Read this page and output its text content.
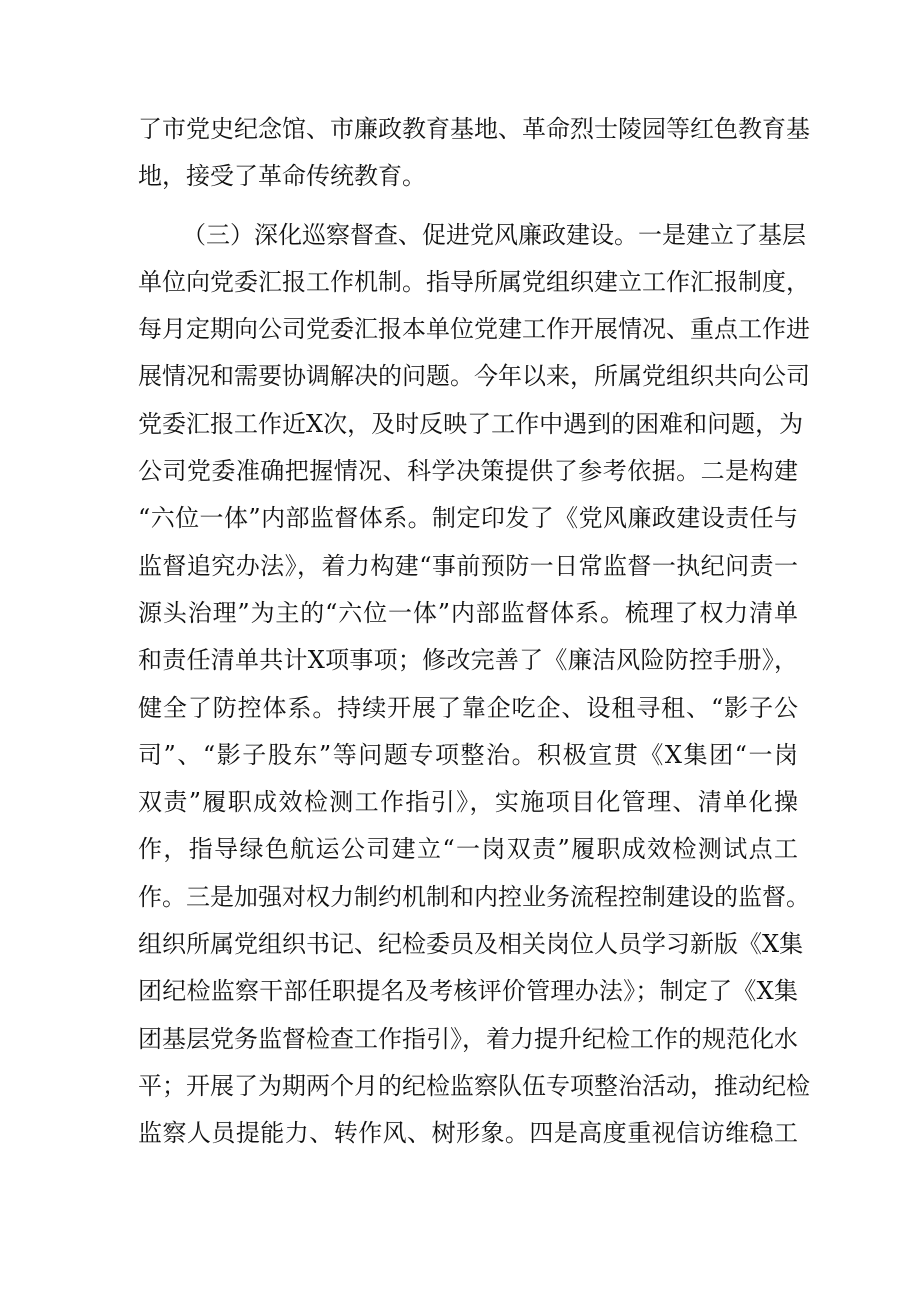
了市党史纪念馆、市廉政教育基地、革命烈士陵园等红色教育基
地，接受了革命传统教育。
（三）深化巡察督查、促进党风廉政建设。一是建立了基层
单位向党委汇报工作机制。指导所属党组织建立工作汇报制度，
每月定期向公司党委汇报本单位党建工作开展情况、重点工作进
展情况和需要协调解决的问题。今年以来，所属党组织共向公司
党委汇报工作近X次，及时反映了工作中遇到的困难和问题，为
公司党委准确把握情况、科学决策提供了参考依据。二是构建
“六位一体”内部监督体系。制定印发了《党风廉政建设责任与
监督追究办法》，着力构建“事前预防一日常监督一执纪问责一
源头治理”为主的“六位一体”内部监督体系。梳理了权力清单
和责任清单共计X项事项；修改完善了《廉洁风险防控手册》，
健全了防控体系。持续开展了靠企吃企、设租寻租、“影子公
司”、“影子股东”等问题专项整治。积极宣贯《X集团“一岗
双责”履职成效检测工作指引》，实施项目化管理、清单化操
作，指导绿色航运公司建立“一岗双责”履职成效检测试点工
作。三是加强对权力制约机制和内控业务流程控制建设的监督。
组织所属党组织书记、纪检委员及相关岗位人员学习新版《X集
团纪检监察干部任职提名及考核评价管理办法》；制定了《X集
团基层党务监督检查工作指引》，着力提升纪检工作的规范化水
平；开展了为期两个月的纪检监察队伍专项整治活动，推动纪检
监察人员提能力、转作风、树形象。四是高度重视信访维稳工
